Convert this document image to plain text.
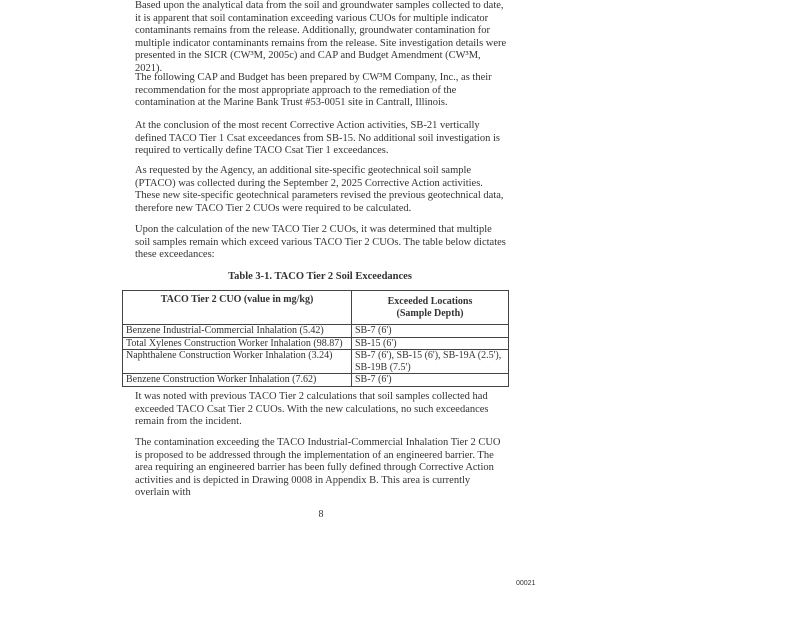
Based upon the analytical data from the soil and groundwater samples collected to date, it is apparent that soil contamination exceeding various CUOs for multiple indicator contaminants remains from the release. Additionally, groundwater contamination for multiple indicator contaminants remains from the release. Site investigation details were presented in the SICR (CW³M, 2005c) and CAP and Budget Amendment (CW³M, 2021).

The following CAP and Budget has been prepared by CW³M Company, Inc., as their recommendation for the most appropriate approach to the remediation of the contamination at the Marine Bank Trust #53-0051 site in Cantrall, Illinois.

At the conclusion of the most recent Corrective Action activities, SB-21 vertically defined TACO Tier 1 Csat exceedances from SB-15. No additional soil investigation is required to vertically define TACO Csat Tier 1 exceedances.

As requested by the Agency, an additional site-specific geotechnical soil sample (PTACO) was collected during the September 2, 2025 Corrective Action activities. These new site-specific geotechnical parameters revised the previous geotechnical data, therefore new TACO Tier 2 CUOs were required to be calculated.

Upon the calculation of the new TACO Tier 2 CUOs, it was determined that multiple soil samples remain which exceed various TACO Tier 2 CUOs. The table below dictates these exceedances:

Table 3-1. TACO Tier 2 Soil Exceedances

TACO Tier 2 CUO (value in mg/kg)	Exceeded Locations
(Sample Depth)
Benzene Industrial-Commercial Inhalation (5.42)	SB-7 (6')
Total Xylenes Construction Worker Inhalation (98.87)	SB-15 (6')
Naphthalene Construction Worker Inhalation (3.24)	SB-7 (6'), SB-15 (6'), SB-19A (2.5'), SB-19B (7.5')
Benzene Construction Worker Inhalation (7.62)	SB-7 (6')

It was noted with previous TACO Tier 2 calculations that soil samples collected had exceeded TACO Csat Tier 2 CUOs. With the new calculations, no such exceedances remain from the incident.

The contamination exceeding the TACO Industrial-Commercial Inhalation Tier 2 CUO is proposed to be addressed through the implementation of an engineered barrier. The area requiring an engineered barrier has been fully defined through Corrective Action activities and is depicted in Drawing 0008 in Appendix B. This area is currently overlain with

8

00021
